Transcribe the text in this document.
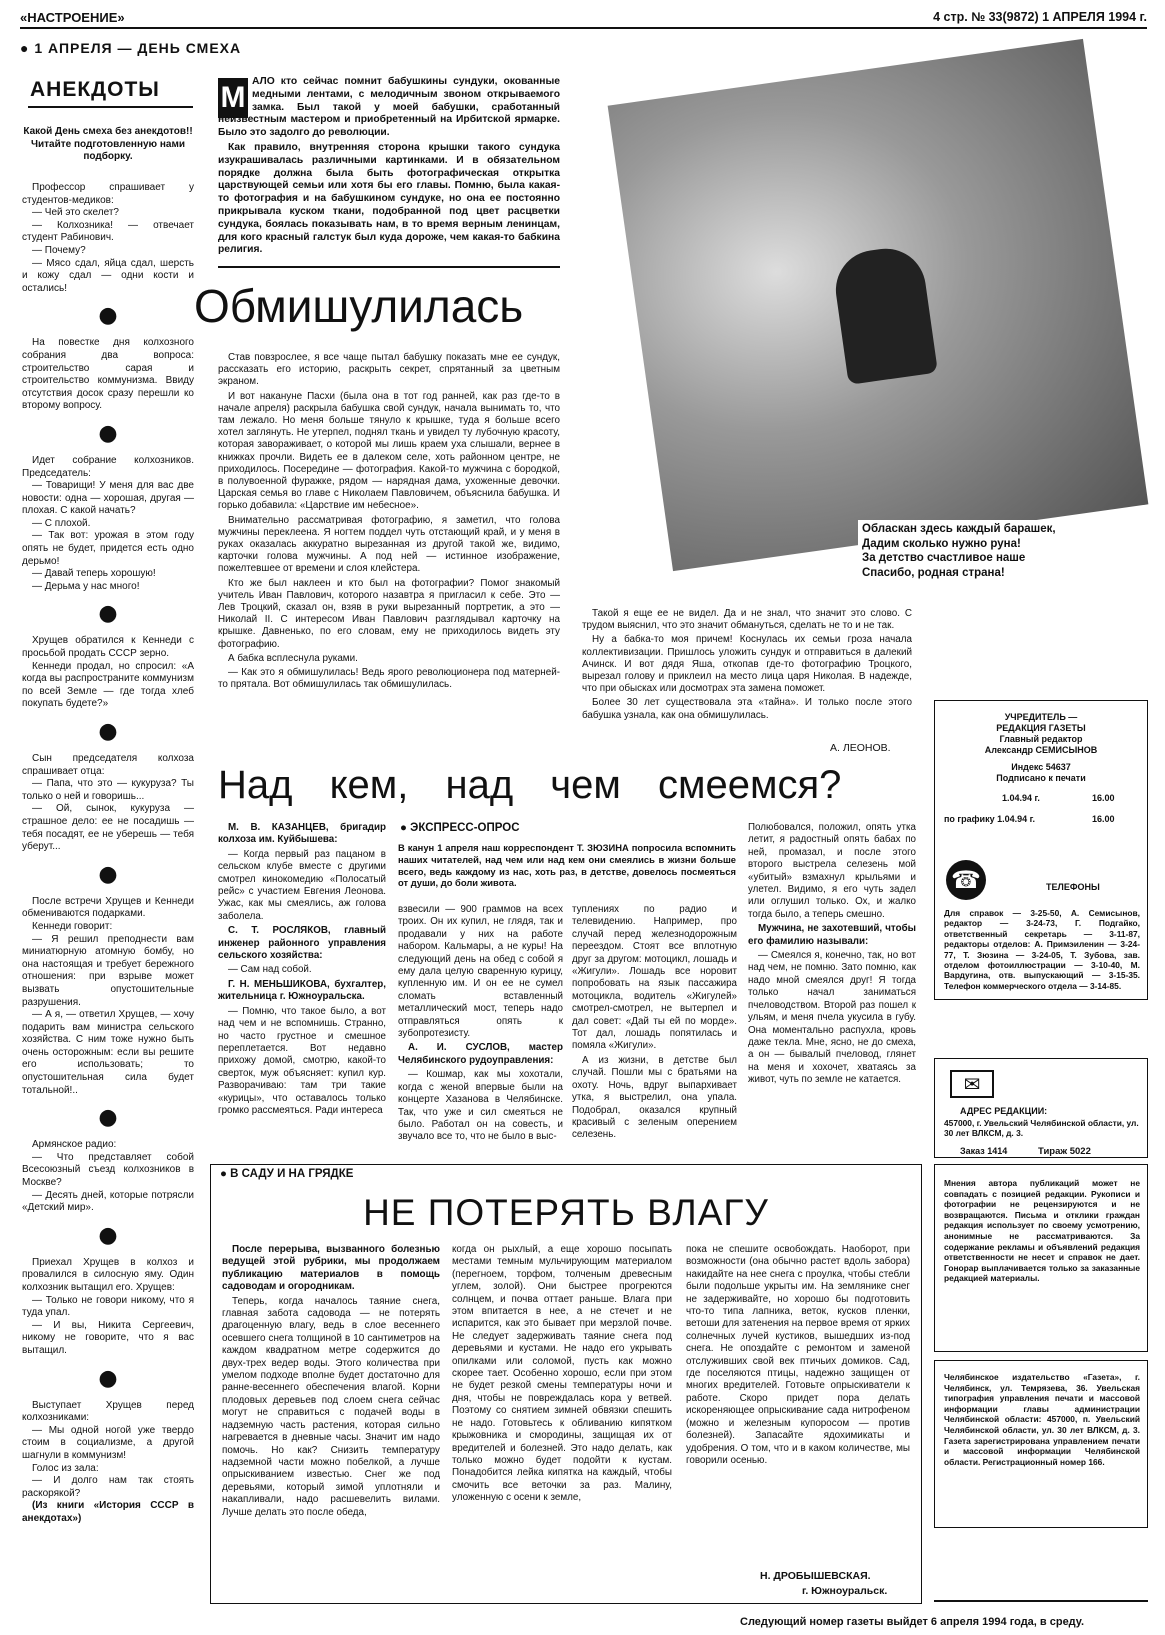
«НАСТРОЕНИЕ»	4 стр. № 33(9872) 1 АПРЕЛЯ 1994 г.
● 1 АПРЕЛЯ — ДЕНЬ СМЕХА
АНЕКДОТЫ
Какой День смеха без анекдотов!! Читайте подготовленную нами подборку.

Профессор спрашивает у студентов-медиков:

— Чей это скелет?

— Колхозника! — отвечает студент Рабинович.

— Почему?

— Мясо сдал, яйца сдал, шерсть и кожу сдал — одни кости и остались!

●

На повестке дня колхозного собрания два вопроса: строительство сарая и строительство коммунизма. Ввиду отсутствия досок сразу перешли ко второму вопросу.

●

Идет собрание колхозников. Председатель:

— Товарищи! У меня для вас две новости: одна — хорошая, другая — плохая. С какой начать?

— С плохой.

— Так вот: урожая в этом году опять не будет, придется есть одно дерьмо!

— Давай теперь хорошую!

— Дерьма у нас много!

●

Хрущев обратился к Кеннеди с просьбой продать СССР зерно.

Кеннеди продал, но спросил: «А когда вы распространите коммунизм по всей Земле — где тогда хлеб покупать будете?»

●

Сын председателя колхоза спрашивает отца:

— Папа, что это — кукуруза? Ты только о ней и говоришь...

— Ой, сынок, кукуруза — страшное дело: ее не посадишь — тебя посадят, ее не уберешь — тебя уберут...

●

После встречи Хрущев и Кеннеди обмениваются подарками.

Кеннеди говорит:

— Я решил преподнести вам миниатюрную атомную бомбу, но она настоящая и требует бережного отношения: при взрыве может вызвать опустошительные разрушения.

— А я, — ответил Хрущев, — хочу подарить вам министра сельского хозяйства. С ним тоже нужно быть очень осторожным: если вы решите его использовать; то опустошительная сила будет тотальной!..

●

Армянское радио:

— Что представляет собой Всесоюзный съезд колхозников в Москве?

— Десять дней, которые потрясли «Детский мир».

●

Приехал Хрущев в колхоз и провалился в силосную яму. Один колхозник вытащил его. Хрущев:

— Только не говори никому, что я туда упал.

— И вы, Никита Сергеевич, никому не говорите, что я вас вытащил.

●

Выступает Хрущев перед колхозниками:

— Мы одной ногой уже твердо стоим в социализме, а другой шагнули в коммунизм!

Голос из зала:

— И долго нам так стоять раскорякой?

(Из книги «История СССР в анекдотах»)

М АЛО кто сейчас помнит бабушкины сундуки, окованные медными лентами, с мелодичным звоном открываемого замка. Был такой у моей бабушки, сработанный неизвестным мастером и приобретенный на Ирбитской ярмарке. Было это задолго до революции.

Как правило, внутренняя сторона крышки такого сундука изукрашивалась различными картинками. И в обязательном порядке должна была быть фотографическая открытка царствующей семьи или хотя бы его главы. Помню, была какая-то фотография и на бабушкином сундуке, но она ее постоянно прикрывала куском ткани, подобранной под цвет расцветки сундука, боялась показывать нам, в то время верным ленинцам, для кого красный галстук был куда дороже, чем какая-то бабкина религия.

Обласкан здесь каждый барашек,
Дадим сколько нужно руна!
За детство счастливое наше
Спасибо, родная страна!
Обмишулилась

Став повзрослее, я все чаще пытал бабушку показать мне ее сундук, рассказать его историю, раскрыть секрет, спрятанный за цветным экраном.

И вот накануне Пасхи (была она в тот год ранней, как раз где-то в начале апреля) раскрыла бабушка свой сундук, начала вынимать то, что там лежало. Но меня больше тянуло к крышке, туда я больше всего хотел заглянуть. Не утерпел, поднял ткань и увидел ту лубочную красоту, которая завораживает, о которой мы лишь краем уха слышали, вернее в книжках прочли. Видеть ее в далеком селе, хоть районном центре, не приходилось. Посередине — фотография. Какой-то мужчина с бородкой, в полувоенной фуражке, рядом — нарядная дама, ухоженные девочки. Царская семья во главе с Николаем Павловичем, объяснила бабушка. И горько добавила: «Царствие им небесное».

Внимательно рассматривая фотографию, я заметил, что голова мужчины переклеена. Я ногтем поддел чуть отстающий край, и у меня в руках оказалась аккуратно вырезанная из другой такой же, видимо, карточки голова мужчины. А под ней — истинное изображение, пожелтевшее от времени и слоя клейстера.

Кто же был наклеен и кто был на фотографии? Помог знакомый учитель Иван Павлович, которого назавтра я пригласил к себе. Это — Лев Троцкий, сказал он, взяв в руки вырезанный портретик, а это — Николай II. С интересом Иван Павлович разглядывал карточку на крышке. Давненько, по его словам, ему не приходилось видеть эту фотографию.

А бабка всплеснула руками.

— Как это я обмишулилась! Ведь ярого революционера под матерней-то прятала. Вот обмишулилась так обмишулилась.

Такой я еще ее не видел. Да и не знал, что значит это слово. С трудом выяснил, что это значит обмануться, сделать не то и не так.

Ну а бабка-то моя причем! Коснулась их семьи гроза начала коллективизации. Пришлось уложить сундук и отправиться в далекий Ачинск. И вот дядя Яша, откопав где-то фотографию Троцкого, вырезал голову и приклеил на место лица царя Николая. В надежде, что при обысках или досмотрах эта замена поможет.

Более 30 лет существовала эта «тайна». И только после этого бабушка узнала, как она обмишулилась.

А. ЛЕОНОВ.
Над кем, над чем смеемся?

М. В. КАЗАНЦЕВ, бригадир колхоза им. Куйбышева:

— Когда первый раз пацаном в сельском клубе вместе с другими смотрел кинокомедию «Полосатый рейс» с участием Евгения Леонова. Ужас, как мы смеялись, аж голова заболела.

С. Т. РОСЛЯКОВ, главный инженер районного управления сельского хозяйства:

— Сам над собой.

Г. Н. МЕНЬШИКОВА, бухгалтер, жительница г. Южноуральска.

— Помню, что такое было, а вот над чем и не вспомнишь. Странно, но часто грустное и смешное переплетается. Вот недавно прихожу домой, смотрю, какой-то сверток, муж объясняет: купил кур. Разворачиваю: там три такие «курицы», что оставалось только громко рассмеяться. Ради интереса

● ЭКСПРЕСС-ОПРОС
В канун 1 апреля наш корреспондент Т. ЗЮЗИНА попросила вспомнить наших читателей, над чем или над кем они смеялись в жизни больше всего, ведь каждому из нас, хоть раз, в детстве, довелось посмеяться от души, до боли живота.

взвесили — 900 граммов на всех троих. Он их купил, не глядя, так и продавали у них на работе набором. Кальмары, а не куры! На следующий день на обед с собой я ему дала целую сваренную курицу, купленную им. И он ее не сумел сломать вставленный металлический мост, теперь надо отправляться опять к зубопротезисту.

А. И. СУСЛОВ, мастер Челябинского рудоуправления:

— Кошмар, как мы хохотали, когда с женой впервые были на концерте Хазанова в Челябинске. Так, что уже и сил смеяться не было. Работал он на совесть, и звучало все то, что не было в выс-

туплениях по радио и телевидению. Например, про случай перед железнодорожным переездом. Стоят все вплотную друг за другом: мотоцикл, лошадь и «Жигули». Лошадь все норовит попробовать на язык пассажира мотоцикла, водитель «Жигулей» смотрел-смотрел, не вытерпел и дал совет: «Дай ты ей по морде». Тот дал, лошадь попятилась и помяла «Жигули».

А из жизни, в детстве был случай. Пошли мы с братьями на охоту. Ночь, вдруг выпархивает утка, я выстрелил, она упала. Подобрал, оказался крупный красивый с зеленым оперением селезень.

Полюбовался, положил, опять утка летит, я радостный опять бабах по ней, промазал, и после этого второго выстрела селезень мой «убитый» взмахнул крыльями и улетел. Видимо, я его чуть задел или оглушил только. Ох, и жалко тогда было, а теперь смешно.

Мужчина, не захотевший, чтобы его фамилию называли:

— Смеялся я, конечно, так, но вот над чем, не помню. Зато помню, как надо мной смеялся друг! Я тогда только начал заниматься пчеловодством. Второй раз пошел к ульям, и меня пчела укусила в губу. Она моментально распухла, кровь даже текла. Мне, ясно, не до смеха, а он — бывалый пчеловод, глянет на меня и хохочет, хватаясь за живот, чуть по земле не катается.

● В САДУ И НА ГРЯДКЕ
НЕ ПОТЕРЯТЬ ВЛАГУ

После перерыва, вызванного болезнью ведущей этой рубрики, мы продолжаем публикацию материалов в помощь садоводам и огородникам.

Теперь, когда началось таяние снега, главная забота садовода — не потерять драгоценную влагу, ведь в слое весеннего осевшего снега толщиной в 10 сантиметров на каждом квадратном метре содержится до двух-трех ведер воды. Этого количества при умелом подходе вполне будет достаточно для ранне-весеннего обеспечения влагой. Корни плодовых деревьев под слоем снега сейчас могут не справиться с подачей воды в надземную часть растения, которая сильно нагревается в дневные часы. Значит им надо помочь. Но как? Снизить температуру надземной части можно побелкой, а лучше опрыскиванием известью. Снег же под деревьями, который зимой уплотняли и накапливали, надо расшевелить вилами. Лучше делать это после обеда,

когда он рыхлый, а еще хорошо посыпать местами темным мульчирующим материалом (перегноем, торфом, толченым древесным углем, золой). Они быстрее прогреются солнцем, и почва оттает раньше. Влага при этом впитается в нее, а не стечет и не испарится, как это бывает при мерзлой почве. Не следует задерживать таяние снега под деревьями и кустами. Не надо его укрывать опилками или соломой, пусть как можно скорее тает. Особенно хорошо, если при этом не будет резкой смены температуры ночи и дня, чтобы не повреждалась кора у ветвей. Поэтому со снятием зимней обвязки спешить не надо. Готовьтесь к обливанию кипятком крыжовника и смородины, защищая их от вредителей и болезней. Это надо делать, как только можно будет подойти к кустам. Понадобится лейка кипятка на каждый, чтобы смочить все веточки за раз. Малину, уложенную с осени к земле,
пока не спешите освобождать. Наоборот, при возможности (она обычно растет вдоль забора) накидайте на нее снега с проулка, чтобы стебли были подольше укрыты им. На землянике снег не задерживайте, но хорошо бы подготовить что-то типа лапника, веток, кусков пленки, ветоши для затенения на первое время от ярких солнечных лучей кустиков, вышедших из-под снега. Не опоздайте с ремонтом и заменой отслуживших свой век птичьих домиков. Сад, где поселяются птицы, надежно защищен от многих вредителей. Готовьте опрыскиватели к работе. Скоро придет пора делать искореняющее опрыскивание сада нитрофеном (можно и железным купоросом — против болезней). Запасайте ядохимикаты и удобрения. О том, что и в каком количестве, мы говорили осенью.
Н. ДРОБЫШЕВСКАЯ.
г. Южноуральск.
УЧРЕДИТЕЛЬ —
РЕДАКЦИЯ ГАЗЕТЫ
Главный редактор
Александр СЕМИСЫНОВ
Индекс 54637
Подписано к печати
1.04.94 г.	16.00
по графику 1.04.94 г.	16.00
☎	ТЕЛЕФОНЫ
Для справок — 3-25-50, А. Семисынов, редактор — 3-24-73, Г. Подгайко, ответственный секретарь — 3-11-87, редакторы отделов: А. Примэиленин — 3-24-77, Т. Зюзина — 3-24-05, Т. Зубова, зав. отделом фотоиллюстрации — 3-10-40, М. Вардугина, отв. выпускающий — 3-15-35. Телефон коммерческого отдела — 3-14-85.
✉
АДРЕС РЕДАКЦИИ:
457000, г. Увельский Челябинской области, ул. 30 лет ВЛКСМ, д. 3.
Заказ 1414	Тираж 5022
Мнения автора публикаций может не совпадать с позицией редакции. Рукописи и фотографии не рецензируются и не возвращаются. Письма и отклики граждан редакция использует по своему усмотрению, анонимные не рассматриваются. За содержание рекламы и объявлений редакция ответственности не несет и справок не дает. Гонорар выплачивается только за заказанные редакцией материалы.
Челябинское издательство «Газета», г. Челябинск, ул. Темрязева, 36. Увельская типография управления печати и массовой информации главы администрации Челябинской области: 457000, п. Увельский Челябинской области, ул. 30 лет ВЛКСМ, д. 3. Газета зарегистрирована управлением печати и массовой информации Челябинской области. Регистрационный номер 166.
Следующий номер газеты выйдет 6 апреля 1994 года, в среду.
